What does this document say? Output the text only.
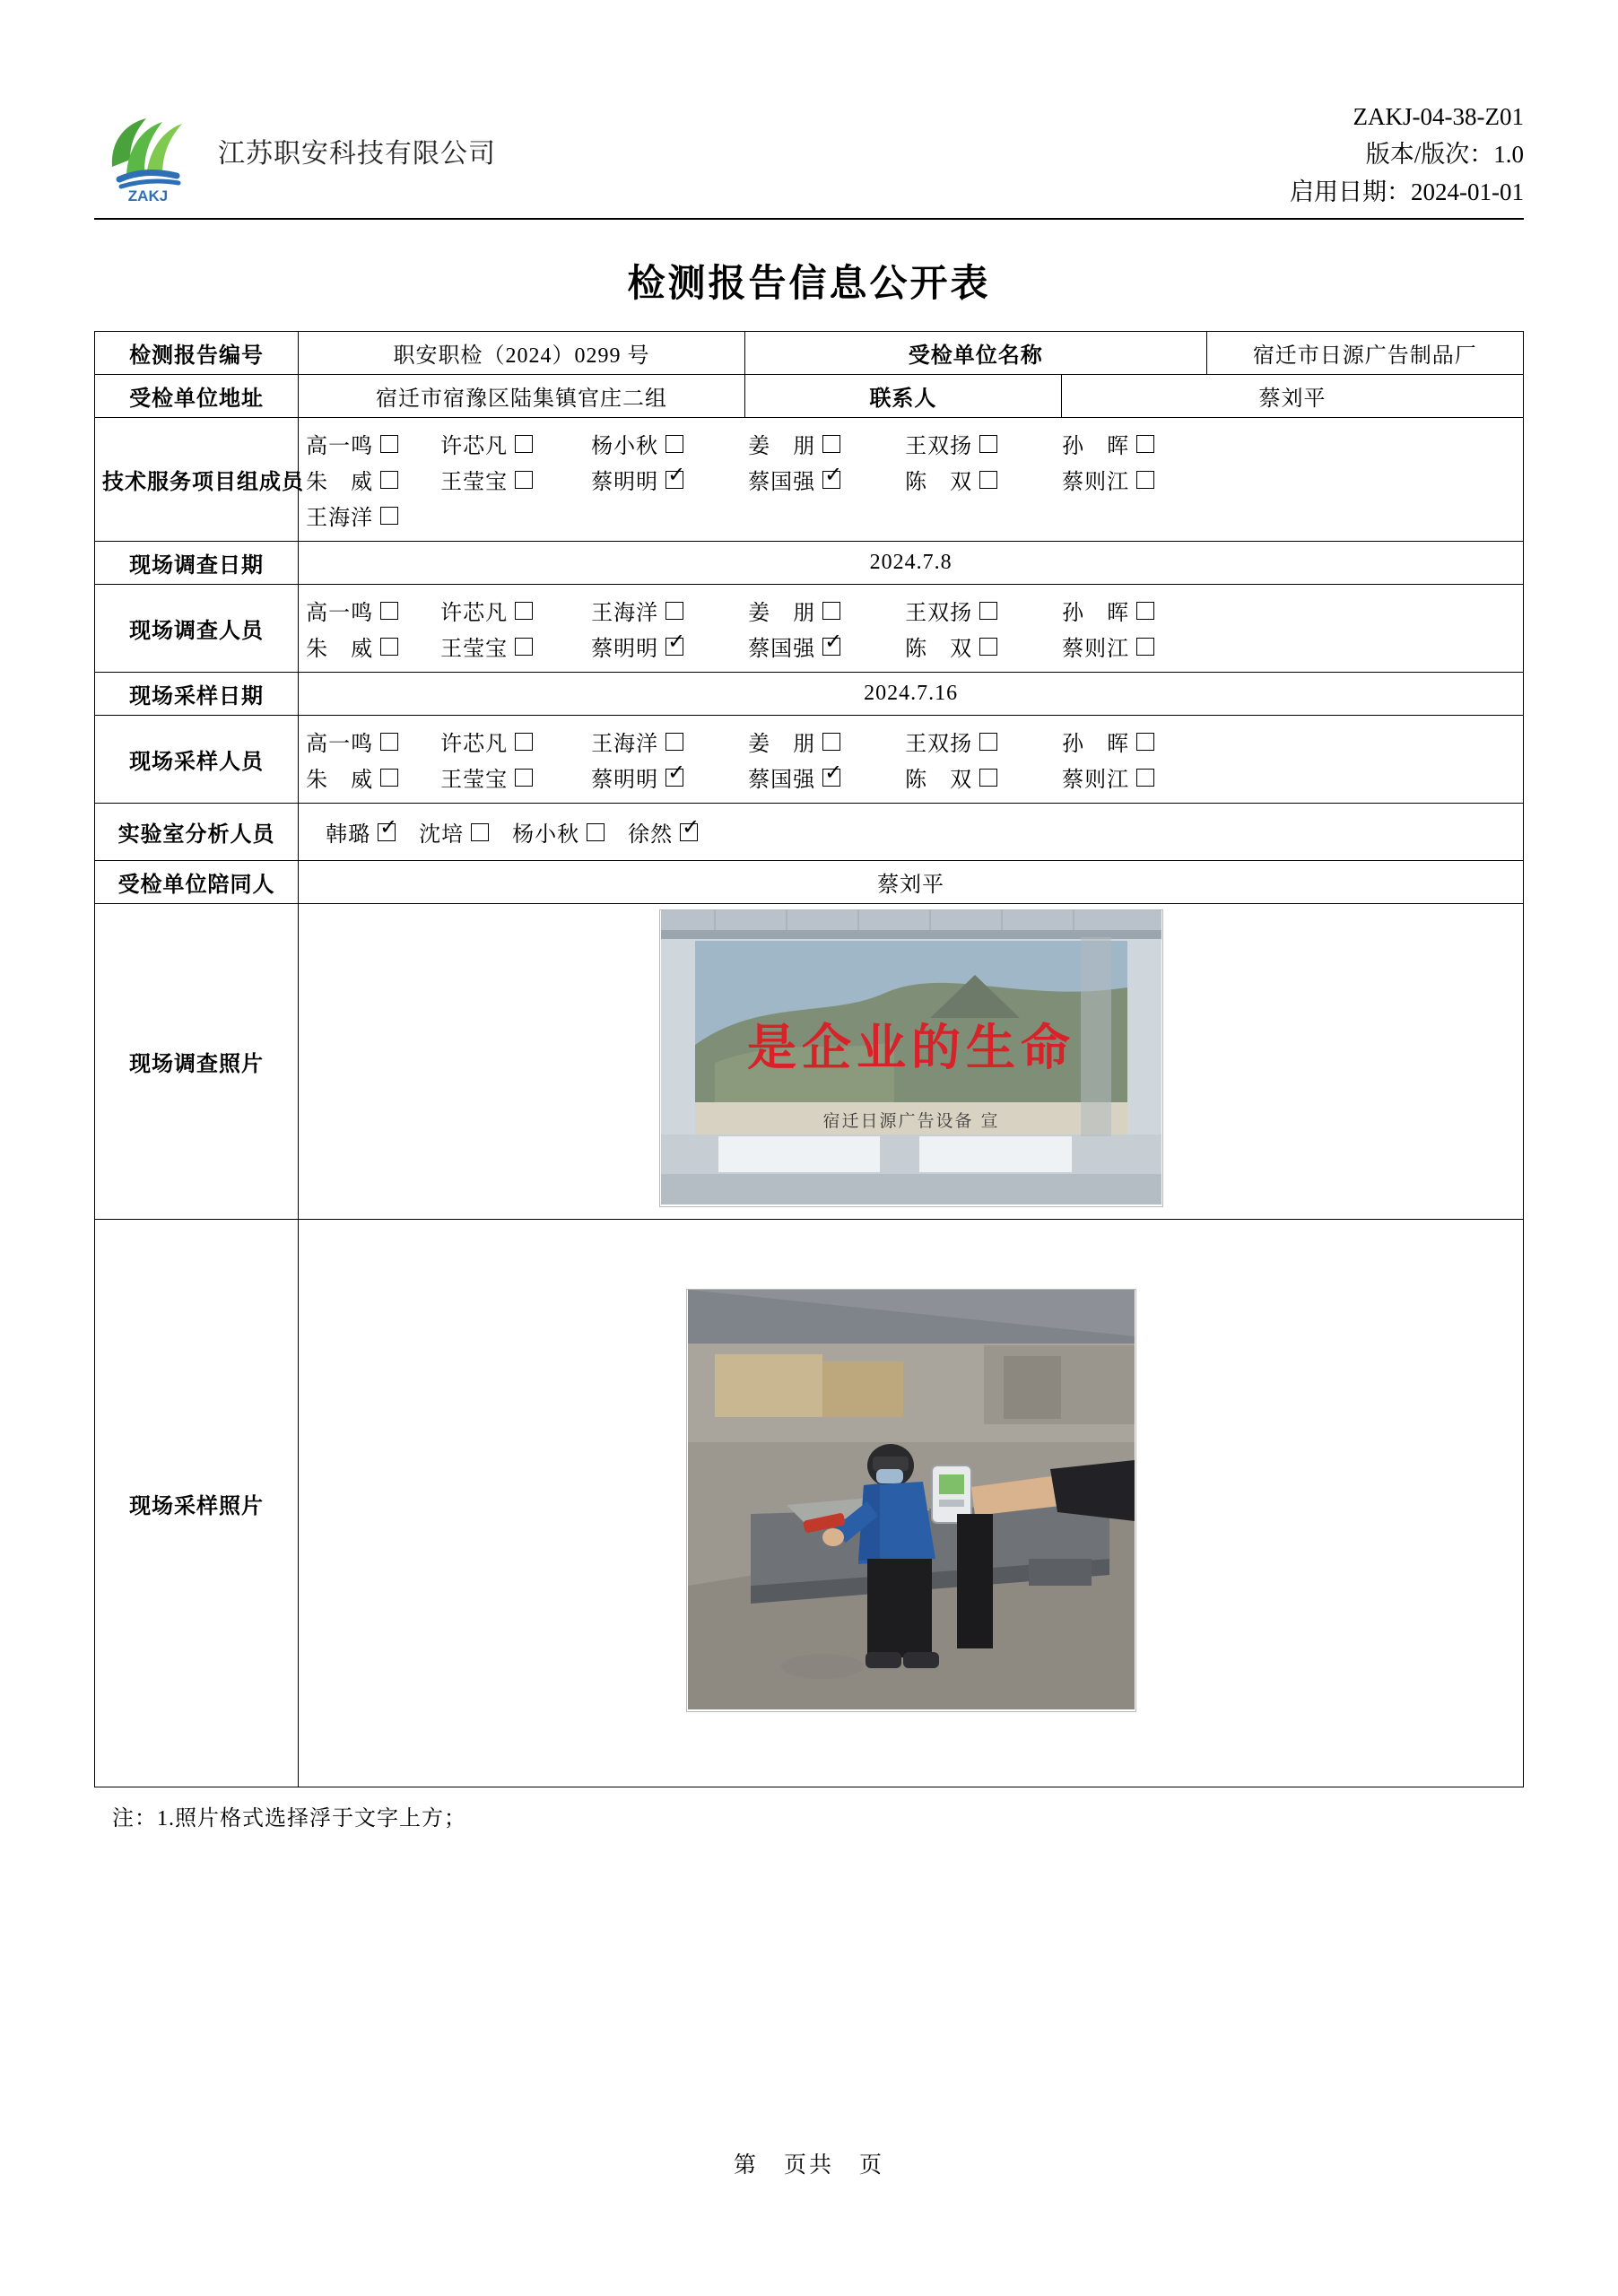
ZAKJ
江苏职安科技有限公司
ZAKJ-04-38-Z01
版本/版次：1.0
启用日期：2024-01-01
检测报告信息公开表
检测报告编号	职安职检（2024）0299 号	受检单位名称		宿迁市日源广告制品厂
受检单位地址	宿迁市宿豫区陆集镇官庄二组	联系人	蔡刘平	
技术服务项目组成员	
高一鸣	许芯凡	杨小秋	姜　朋	王双扬	孙　晖
朱　威	王莹宝	蔡明明 ✓	蔡国强 ✓	陈　双	蔡则江
王海洋

现场调查日期	2024.7.8			
现场调查人员	
高一鸣	许芯凡	王海洋	姜　朋	王双扬	孙　晖
朱　威	王莹宝	蔡明明 ✓	蔡国强 ✓	陈　双	蔡则江

现场采样日期	2024.7.16			
现场采样人员	
高一鸣	许芯凡	王海洋	姜　朋	王双扬	孙　晖
朱　威	王莹宝	蔡明明 ✓	蔡国强 ✓	陈　双	蔡则江

实验室分析人员	韩璐 ✓ 沈培 杨小秋 徐然
✓

受检单位陪同人	蔡刘平			
现场调查照片	是企业的生命
宿迁日源广告设备 宣			

现场采样照片	
注：1.照片格式选择浮于文字上方；
第　页共　页
